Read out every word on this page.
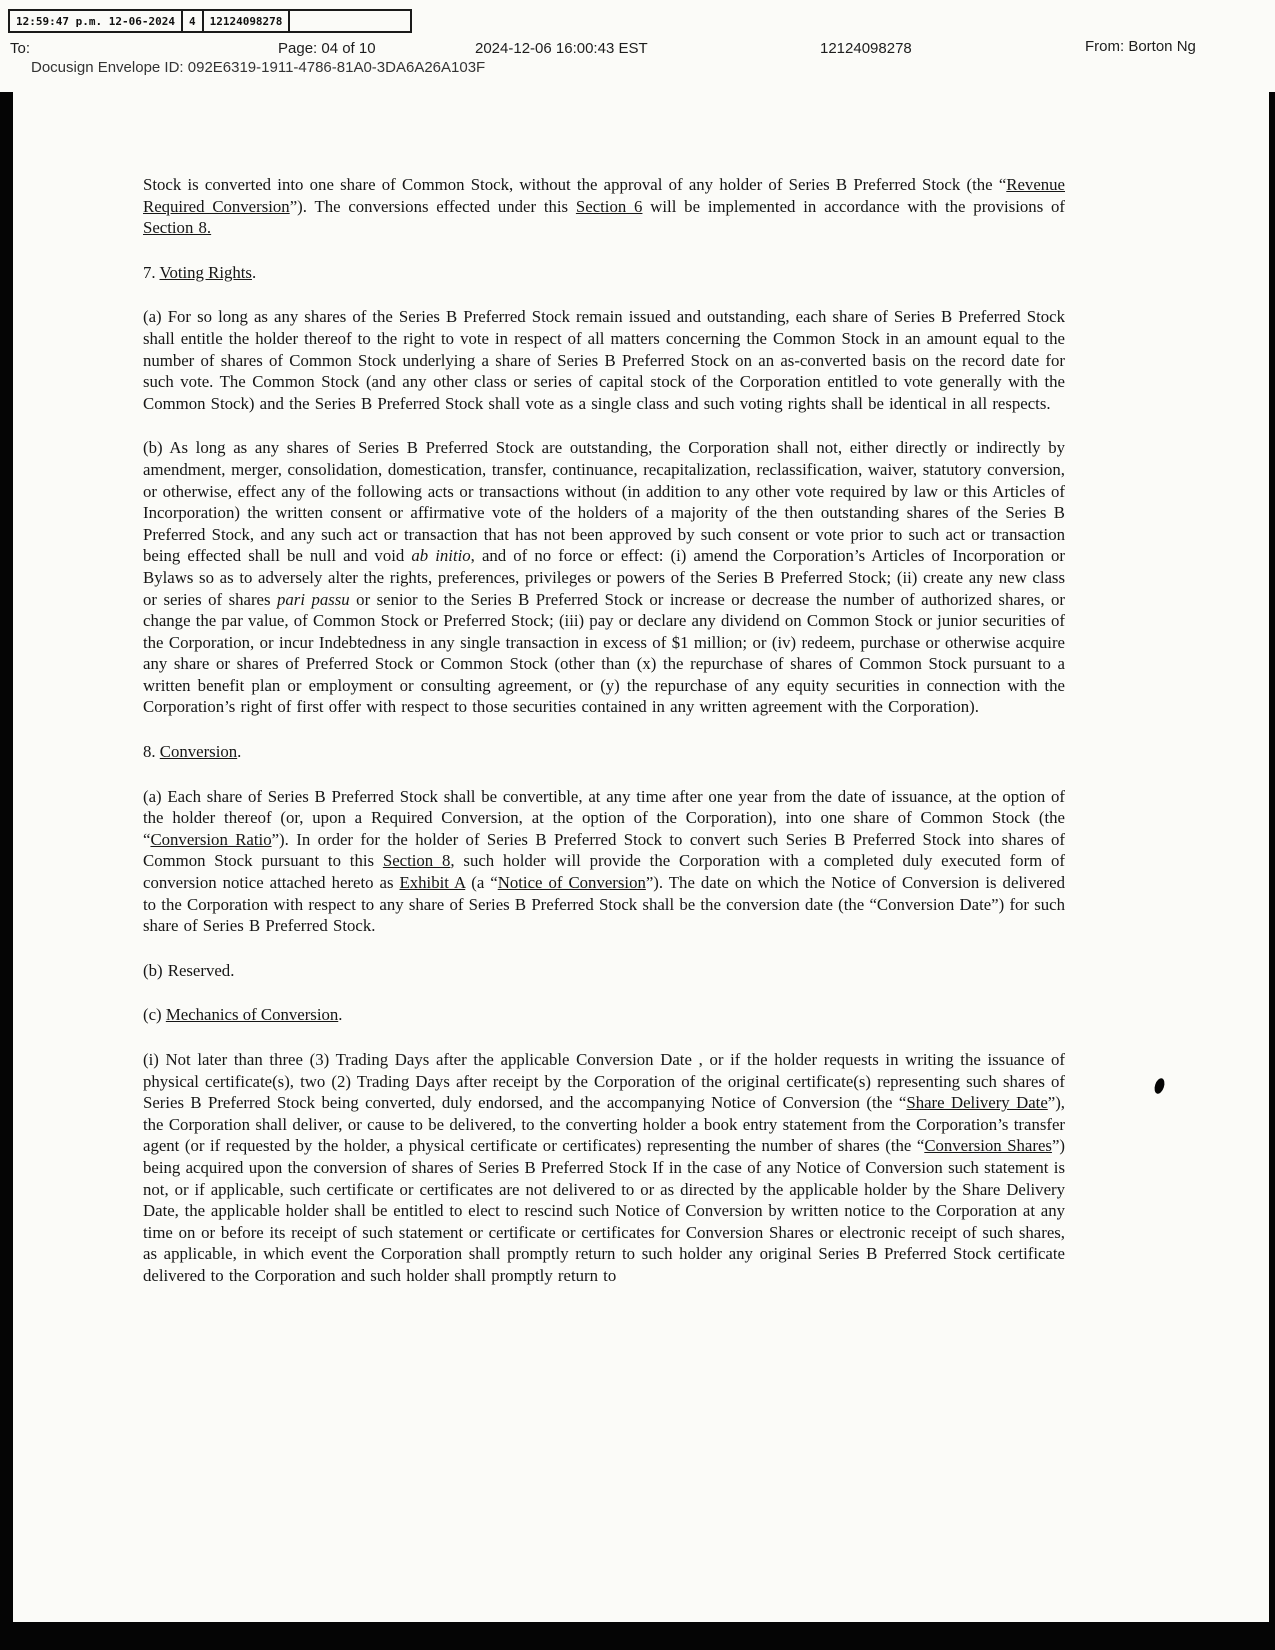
12:59:47 p.m. 12-06-2024	4	12124098278
To:	Page: 04 of 10	2024-12-06 16:00:43 EST	12124098278	From: Borton Ng
Docusign Envelope ID: 092E6319-1911-4786-81A0-3DA6A26A103F

Stock is converted into one share of Common Stock, without the approval of any holder of Series B Preferred Stock (the “Revenue Required Conversion”). The conversions effected under this Section 6 will be implemented in accordance with the provisions of Section 8.

7. Voting Rights.

(a) For so long as any shares of the Series B Preferred Stock remain issued and outstanding, each share of Series B Preferred Stock shall entitle the holder thereof to the right to vote in respect of all matters concerning the Common Stock in an amount equal to the number of shares of Common Stock underlying a share of Series B Preferred Stock on an as-converted basis on the record date for such vote. The Common Stock (and any other class or series of capital stock of the Corporation entitled to vote generally with the Common Stock) and the Series B Preferred Stock shall vote as a single class and such voting rights shall be identical in all respects.

(b) As long as any shares of Series B Preferred Stock are outstanding, the Corporation shall not, either directly or indirectly by amendment, merger, consolidation, domestication, transfer, continuance, recapitalization, reclassification, waiver, statutory conversion, or otherwise, effect any of the following acts or transactions without (in addition to any other vote required by law or this Articles of Incorporation) the written consent or affirmative vote of the holders of a majority of the then outstanding shares of the Series B Preferred Stock, and any such act or transaction that has not been approved by such consent or vote prior to such act or transaction being effected shall be null and void ab initio, and of no force or effect: (i) amend the Corporation’s Articles of Incorporation or Bylaws so as to adversely alter the rights, preferences, privileges or powers of the Series B Preferred Stock; (ii) create any new class or series of shares pari passu or senior to the Series B Preferred Stock or increase or decrease the number of authorized shares, or change the par value, of Common Stock or Preferred Stock; (iii) pay or declare any dividend on Common Stock or junior securities of the Corporation, or incur Indebtedness in any single transaction in excess of $1 million; or (iv) redeem, purchase or otherwise acquire any share or shares of Preferred Stock or Common Stock (other than (x) the repurchase of shares of Common Stock pursuant to a written benefit plan or employment or consulting agreement, or (y) the repurchase of any equity securities in connection with the Corporation’s right of first offer with respect to those securities contained in any written agreement with the Corporation).

8. Conversion.

(a) Each share of Series B Preferred Stock shall be convertible, at any time after one year from the date of issuance, at the option of the holder thereof (or, upon a Required Conversion, at the option of the Corporation), into one share of Common Stock (the “Conversion Ratio”). In order for the holder of Series B Preferred Stock to convert such Series B Preferred Stock into shares of Common Stock pursuant to this Section 8, such holder will provide the Corporation with a completed duly executed form of conversion notice attached hereto as Exhibit A (a “Notice of Conversion”). The date on which the Notice of Conversion is delivered to the Corporation with respect to any share of Series B Preferred Stock shall be the conversion date (the “Conversion Date”) for such share of Series B Preferred Stock.

(b) Reserved.

(c) Mechanics of Conversion.

(i) Not later than three (3) Trading Days after the applicable Conversion Date , or if the holder requests in writing the issuance of physical certificate(s), two (2) Trading Days after receipt by the Corporation of the original certificate(s) representing such shares of Series B Preferred Stock being converted, duly endorsed, and the accompanying Notice of Conversion (the “Share Delivery Date”), the Corporation shall deliver, or cause to be delivered, to the converting holder a book entry statement from the Corporation’s transfer agent (or if requested by the holder, a physical certificate or certificates) representing the number of shares (the “Conversion Shares”) being acquired upon the conversion of shares of Series B Preferred Stock If in the case of any Notice of Conversion such statement is not, or if applicable, such certificate or certificates are not delivered to or as directed by the applicable holder by the Share Delivery Date, the applicable holder shall be entitled to elect to rescind such Notice of Conversion by written notice to the Corporation at any time on or before its receipt of such statement or certificate or certificates for Conversion Shares or electronic receipt of such shares, as applicable, in which event the Corporation shall promptly return to such holder any original Series B Preferred Stock certificate delivered to the Corporation and such holder shall promptly return to
